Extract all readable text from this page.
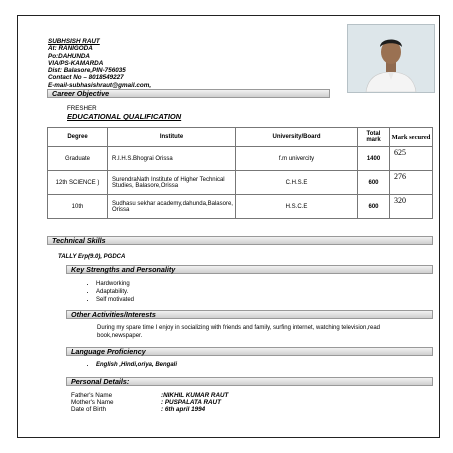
SUBHSISH RAUT
At: RANIGODA
Po:DAHUNDA
VIA/PS-KAMARDA
Dist: Balasore,PIN-756035
Contact No – 8018549227
E-mail-subhasishraut@gmail.com,
Career Objective
FRESHER
EDUCATIONAL QUALIFICATION
Degree	Institute	University/Board	Total mark	Mark secured
Graduate	R.I.H.S.Bhograi Orissa	f.m univercity	1400	625
12th SCIENCE )	SurendraNath Institute of Higher Technical Studies, Balasore,Orissa	C.H.S.E	600	276
10th	Sudhasu sekhar academy,dahunda,Balasore, Orissa	H.S.C.E	600	320
Technical Skills
TALLY Erp(9.0), PGDCA
Key Strengths and Personality
• Hardworking
• Adaptability.
• Self motivated
Other Activities/Interests
During my spare time I enjoy in socializing with friends and family, surfing internet, watching television,read book,newspaper.
Language Proficiency
• English ,Hindi,oriya, Bengali
Personal Details:
Father's Name	:NIKHIL KUMAR RAUT
Mother's Name	: PUSPALATA RAUT
Date of Birth	: 6th april 1994
